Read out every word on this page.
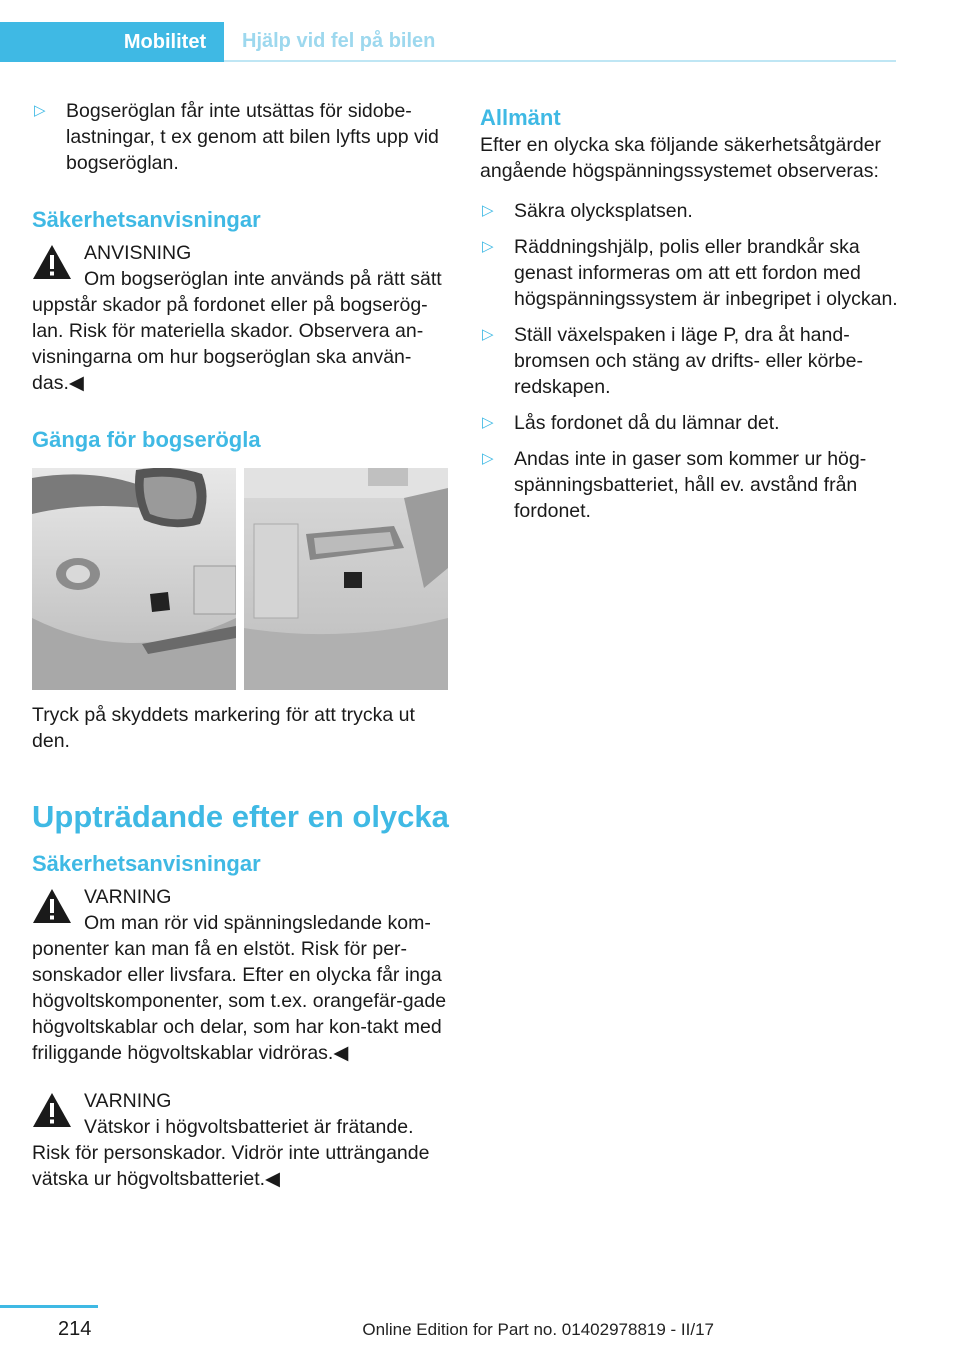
Mobilitet	Hjälp vid fel på bilen
▷	Bogseröglan får inte utsättas för sidobe‐lastningar, t ex genom att bilen lyfts upp vid bogseröglan.
Säkerhetsanvisningar

ANVISNING

Om bogseröglan inte används på rätt sätt

uppstår skador på fordonet eller på bogserög‐lan. Risk för materiella skador. Observera an‐visningarna om hur bogseröglan ska använ‐das.◀

Gänga för bogserögla

Tryck på skyddets markering för att trycka ut den.

Uppträdande efter en olycka
Säkerhetsanvisningar

VARNING

Om man rör vid spänningsledande kom‐

ponenter kan man få en elstöt. Risk för per‐sonskador eller livsfara. Efter en olycka får inga högvoltskomponenter, som t.ex. orangefär‐gade högvoltskablar och delar, som har kon‐takt med friliggande högvoltskablar vidröras.◀

VARNING

Vätskor i högvoltsbatteriet är frätande.

Risk för personskador. Vidrör inte utträngande vätska ur högvoltsbatteriet.◀

Allmänt

Efter en olycka ska följande säkerhetsåtgärder angående högspänningssystemet observeras:

▷	Säkra olycksplatsen.
▷	Räddningshjälp, polis eller brandkår ska genast informeras om att ett fordon med högspänningssystem är inbegripet i olyckan.
▷	Ställ växelspaken i läge P, dra åt hand‐bromsen och stäng av drifts- eller körbe‐redskapen.
▷	Lås fordonet då du lämnar det.
▷	Andas inte in gaser som kommer ur hög‐spänningsbatteriet, håll ev. avstånd från fordonet.
214	Online Edition for Part no. 01402978819 - II/17
